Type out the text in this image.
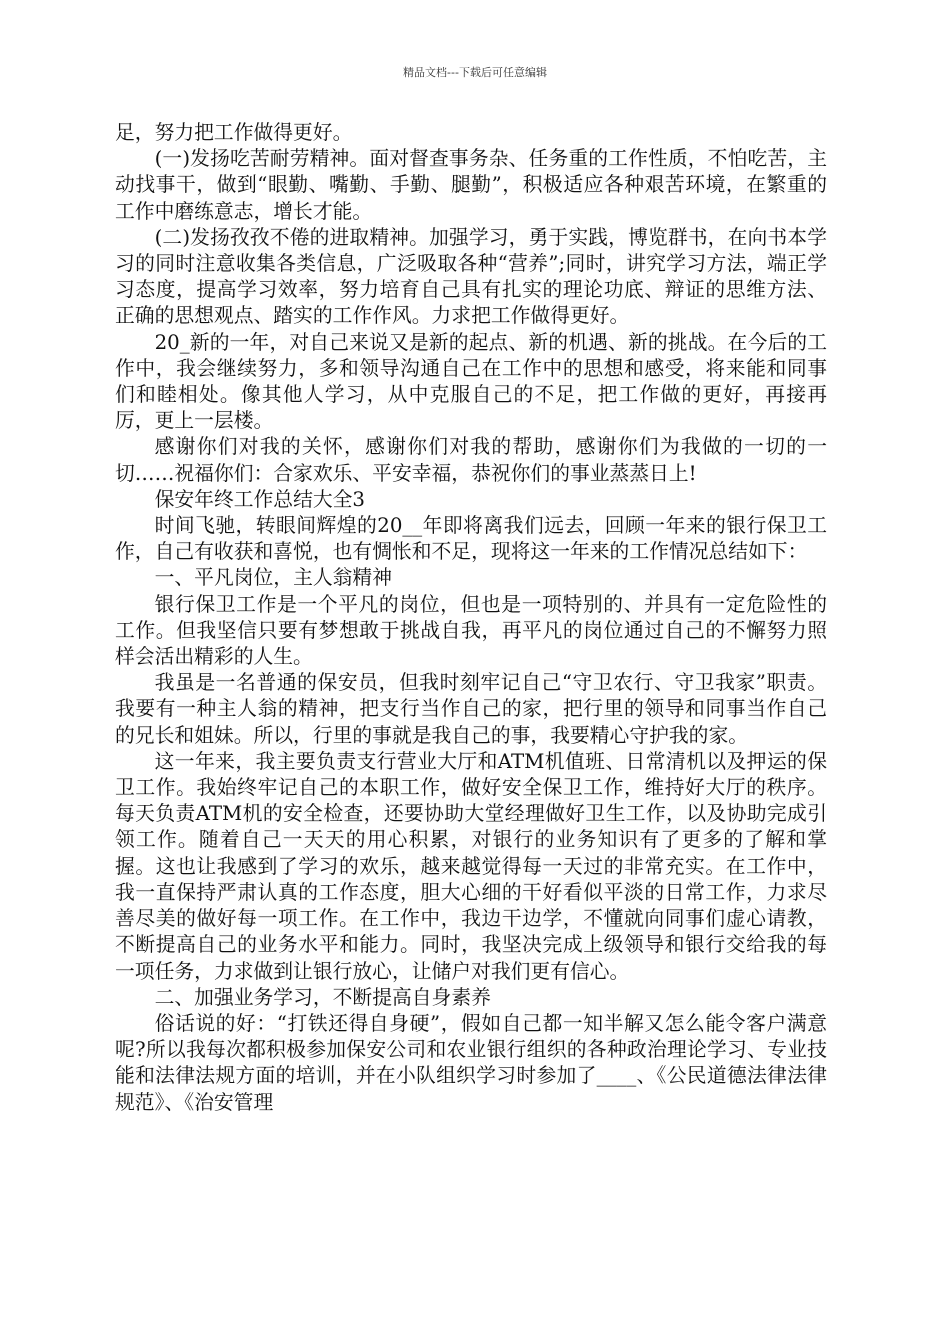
精品文档---下载后可任意编辑

足，努力把工作做得更好。

(一)发扬吃苦耐劳精神。面对督查事务杂、任务重的工作性质，不怕吃苦，主动找事干，做到“眼勤、嘴勤、手勤、腿勤”，积极适应各种艰苦环境，在繁重的工作中磨练意志，增长才能。

(二)发扬孜孜不倦的进取精神。加强学习，勇于实践，博览群书，在向书本学习的同时注意收集各类信息，广泛吸取各种“营养”;同时，讲究学习方法，端正学习态度，提高学习效率，努力培育自己具有扎实的理论功底、辩证的思维方法、正确的思想观点、踏实的工作作风。力求把工作做得更好。

20_新的一年，对自己来说又是新的起点、新的机遇、新的挑战。在今后的工作中，我会继续努力，多和领导沟通自己在工作中的思想和感受，将来能和同事们和睦相处。像其他人学习，从中克服自己的不足，把工作做的更好，再接再厉，更上一层楼。

感谢你们对我的关怀，感谢你们对我的帮助，感谢你们为我做的一切的一切……祝福你们：合家欢乐、平安幸福，恭祝你们的事业蒸蒸日上!

保安年终工作总结大全3

时间飞驰，转眼间辉煌的20__年即将离我们远去，回顾一年来的银行保卫工作，自己有收获和喜悦，也有惆怅和不足，现将这一年来的工作情况总结如下：

一、平凡岗位，主人翁精神

银行保卫工作是一个平凡的岗位，但也是一项特别的、并具有一定危险性的工作。但我坚信只要有梦想敢于挑战自我，再平凡的岗位通过自己的不懈努力照样会活出精彩的人生。

我虽是一名普通的保安员，但我时刻牢记自己“守卫农行、守卫我家”职责。我要有一种主人翁的精神，把支行当作自己的家，把行里的领导和同事当作自己的兄长和姐妹。所以，行里的事就是我自己的事，我要精心守护我的家。

这一年来，我主要负责支行营业大厅和ATM机值班、日常清机以及押运的保卫工作。我始终牢记自己的本职工作，做好安全保卫工作，维持好大厅的秩序。每天负责ATM机的安全检查，还要协助大堂经理做好卫生工作，以及协助完成引领工作。随着自己一天天的用心积累，对银行的业务知识有了更多的了解和掌握。这也让我感到了学习的欢乐，越来越觉得每一天过的非常充实。在工作中，我一直保持严肃认真的工作态度，胆大心细的干好看似平淡的日常工作，力求尽善尽美的做好每一项工作。在工作中，我边干边学，不懂就向同事们虚心请教，不断提高自己的业务水平和能力。同时，我坚决完成上级领导和银行交给我的每一项任务，力求做到让银行放心，让储户对我们更有信心。

二、加强业务学习，不断提高自身素养

俗话说的好：“打铁还得自身硬”，假如自己都一知半解又怎么能令客户满意呢?所以我每次都积极参加保安公司和农业银行组织的各种政治理论学习、专业技能和法律法规方面的培训，并在小队组织学习时参加了____、《公民道德法律法律规范》、《治安管理
